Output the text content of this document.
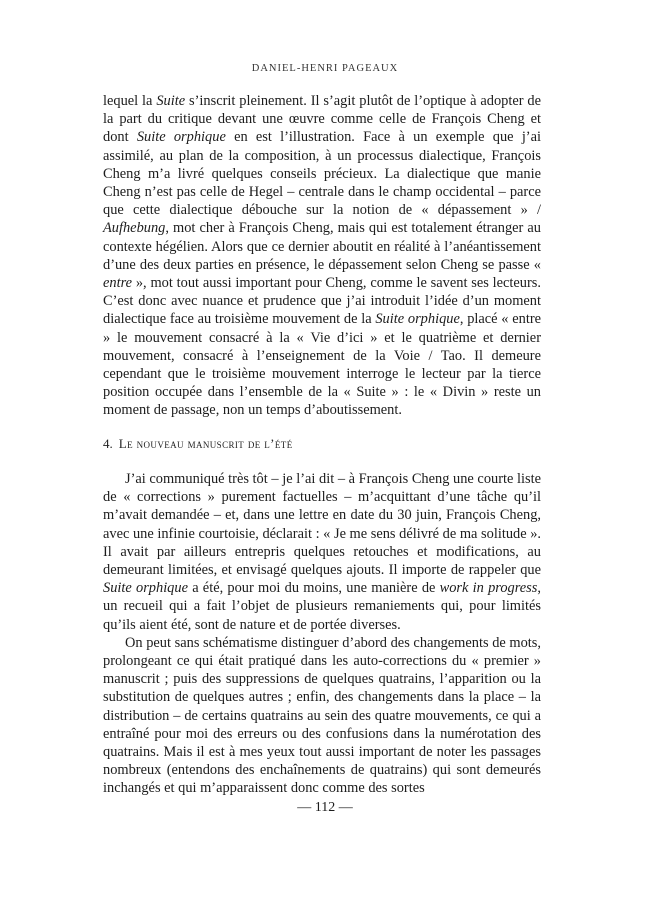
DANIEL-HENRI PAGEAUX

lequel la Suite s’inscrit pleinement. Il s’agit plutôt de l’optique à adopter de la part du critique devant une œuvre comme celle de François Cheng et dont Suite orphique en est l’illustration. Face à un exemple que j’ai assimilé, au plan de la composition, à un processus dialectique, François Cheng m’a livré quelques conseils précieux. La dialectique que manie Cheng n’est pas celle de Hegel – centrale dans le champ occidental – parce que cette dialectique débouche sur la notion de « dépassement » / Aufhebung, mot cher à François Cheng, mais qui est totalement étranger au contexte hégélien. Alors que ce dernier aboutit en réalité à l’anéantissement d’une des deux parties en présence, le dépassement selon Cheng se passe « entre », mot tout aussi important pour Cheng, comme le savent ses lecteurs. C’est donc avec nuance et prudence que j’ai introduit l’idée d’un moment dialectique face au troisième mouvement de la Suite orphique, placé « entre » le mouvement consacré à la « Vie d’ici » et le quatrième et dernier mouvement, consacré à l’enseignement de la Voie / Tao. Il demeure cependant que le troisième mouvement interroge le lecteur par la tierce position occupée dans l’ensemble de la « Suite » : le « Divin » reste un moment de passage, non un temps d’aboutissement.

4. Le nouveau manuscrit de l’été

J’ai communiqué très tôt – je l’ai dit – à François Cheng une courte liste de « corrections » purement factuelles – m’acquittant d’une tâche qu’il m’avait demandée – et, dans une lettre en date du 30 juin, François Cheng, avec une infinie courtoisie, déclarait : « Je me sens délivré de ma solitude ». Il avait par ailleurs entrepris quelques retouches et modifications, au demeurant limitées, et envisagé quelques ajouts. Il importe de rappeler que Suite orphique a été, pour moi du moins, une manière de work in progress, un recueil qui a fait l’objet de plusieurs remaniements qui, pour limités qu’ils aient été, sont de nature et de portée diverses.

On peut sans schématisme distinguer d’abord des changements de mots, prolongeant ce qui était pratiqué dans les auto-corrections du « premier » manuscrit ; puis des suppressions de quelques quatrains, l’apparition ou la substitution de quelques autres ; enfin, des changements dans la place – la distribution – de certains quatrains au sein des quatre mouvements, ce qui a entraîné pour moi des erreurs ou des confusions dans la numérotation des quatrains. Mais il est à mes yeux tout aussi important de noter les passages nombreux (entendons des enchaînements de quatrains) qui sont demeurés inchangés et qui m’apparaissent donc comme des sortes

— 112 —
